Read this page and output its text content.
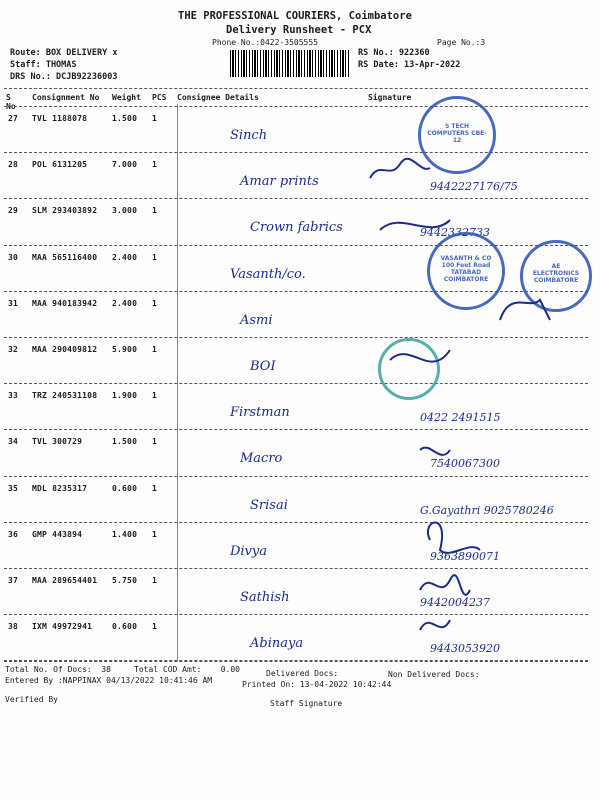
THE PROFESSIONAL COURIERS, Coimbatore
Delivery Runsheet - PCX
Phone No.:0422-3505555	Page No.:3
Route: BOX DELIVERY x
Staff: THOMAS
DRS No.: DCJB92236003
RS No.: 922360
RS Date: 13-Apr-2022
S No
Consignment No Weight PCS Consignee Details	Signature
27 TVL 1188078	1.500 1
Sinch
28 POL 6131205	7.000 1
Amar prints	9442227176/75
29 SLM 293403892 3.000 1
Crown fabrics	9442332733
30 MAA 565116400 2.400 1
Vasanth/co.
31 MAA 940183942 2.400 1
Asmi
32 MAA 290409812 5.900 1
BOI
33 TRZ 240531108 1.900 1
Firstman	0422 2491515
34 TVL 300729	1.500 1
Macro	7540067300
35 MDL 8235317	0.600 1
Srisai	G.Gayathri 9025780246
36 GMP 443894	1.400 1
Divya	9363890071
37 MAA 289654401 5.750 1
Sathish	9442004237
38 IXM 49972941 0.600 1
Abinaya	9443053920
S TECH COMPUTERS CBE-12
VASANTH & CO 100 Feet Road TATABAD COIMBATORE
AE ELECTRONICS COIMBATORE
Total No. Of Docs:  38	Total COD Amt:    0.00	Delivered Docs:	Non Delivered Docs:
Entered By :NAPPINAX 04/13/2022 10:41:46 AM	Printed On: 13-04-2022 10:42:44
Verified By	Staff Signature
